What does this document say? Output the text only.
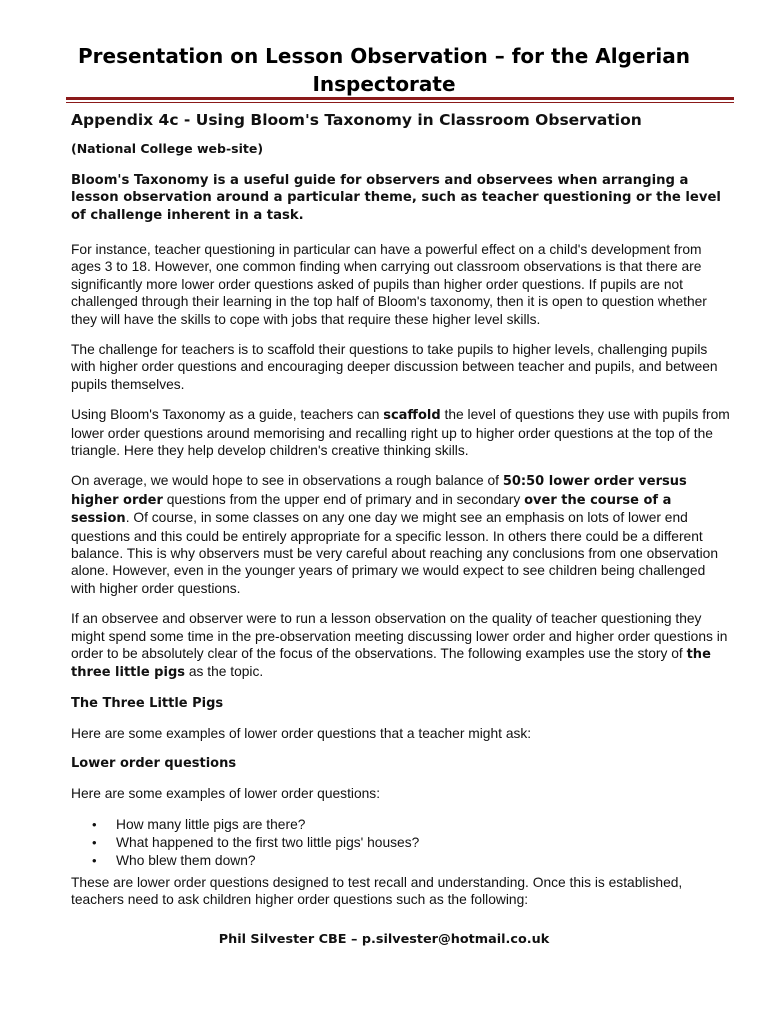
Presentation on Lesson Observation – for the Algerian Inspectorate
Appendix 4c - Using Bloom's Taxonomy in Classroom Observation
(National College web-site)
Bloom's Taxonomy is a useful guide for observers and observees when arranging a lesson observation around a particular theme, such as teacher questioning or the level of challenge inherent in a task.

For instance, teacher questioning in particular can have a powerful effect on a child's development from ages 3 to 18. However, one common finding when carrying out classroom observations is that there are significantly more lower order questions asked of pupils than higher order questions. If pupils are not challenged through their learning in the top half of Bloom's taxonomy, then it is open to question whether they will have the skills to cope with jobs that require these higher level skills.

The challenge for teachers is to scaffold their questions to take pupils to higher levels, challenging pupils with higher order questions and encouraging deeper discussion between teacher and pupils, and between pupils themselves.

Using Bloom's Taxonomy as a guide, teachers can scaffold the level of questions they use with pupils from lower order questions around memorising and recalling right up to higher order questions at the top of the triangle. Here they help develop children's creative thinking skills.

On average, we would hope to see in observations a rough balance of 50:50 lower order versus higher order questions from the upper end of primary and in secondary over the course of a session. Of course, in some classes on any one day we might see an emphasis on lots of lower end questions and this could be entirely appropriate for a specific lesson. In others there could be a different balance. This is why observers must be very careful about reaching any conclusions from one observation alone. However, even in the younger years of primary we would expect to see children being challenged with higher order questions.

If an observee and observer were to run a lesson observation on the quality of teacher questioning they might spend some time in the pre-observation meeting discussing lower order and higher order questions in order to be absolutely clear of the focus of the observations. The following examples use the story of the three little pigs as the topic.

The Three Little Pigs

Here are some examples of lower order questions that a teacher might ask:

Lower order questions

Here are some examples of lower order questions:

• How many little pigs are there?
• What happened to the first two little pigs' houses?
• Who blew them down?

These are lower order questions designed to test recall and understanding. Once this is established, teachers need to ask children higher order questions such as the following:

Phil Silvester CBE – p.silvester@hotmail.co.uk
